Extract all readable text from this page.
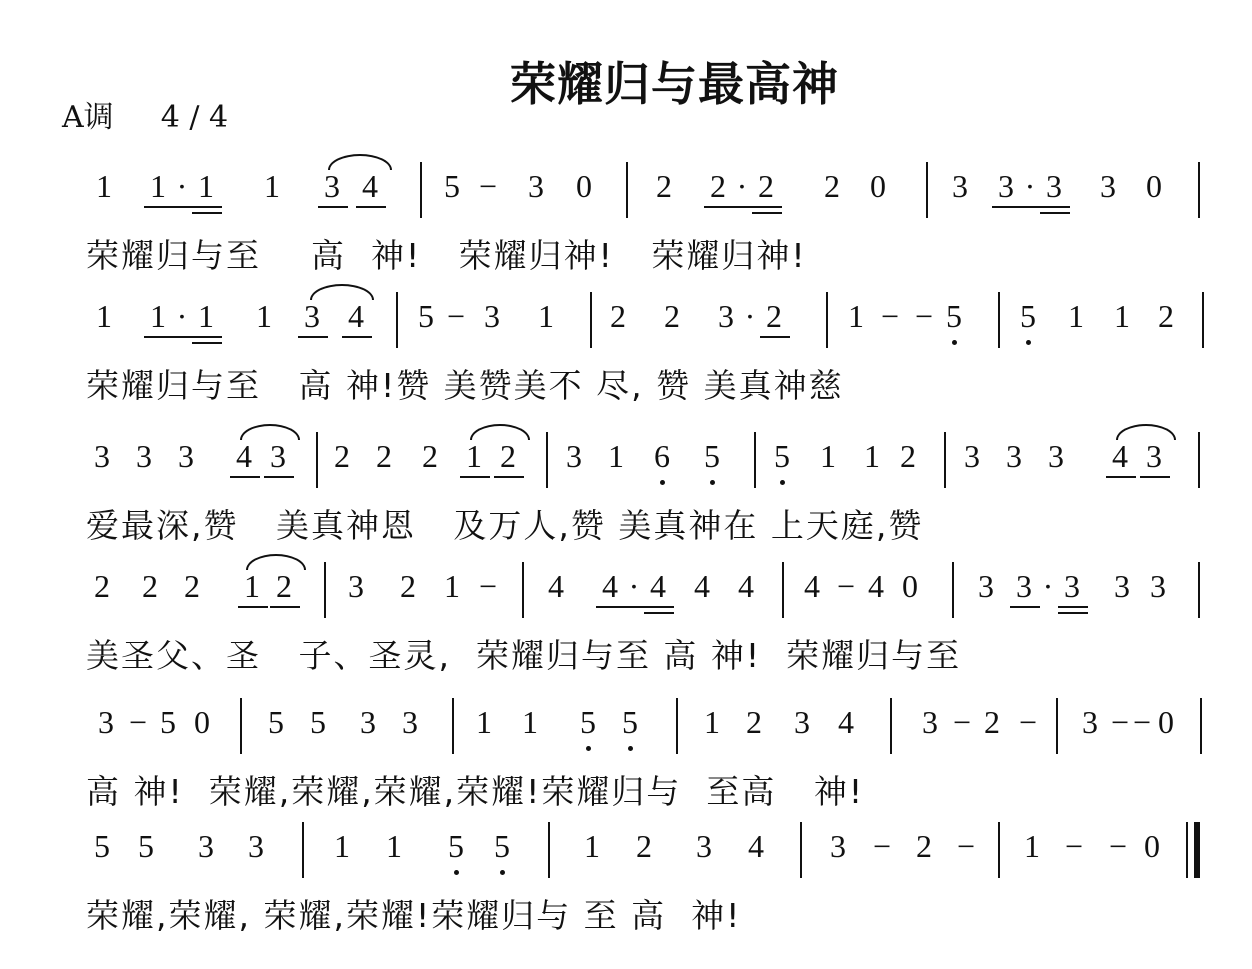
荣耀归与最高神
A调 4 / 4
1 1 · 1 1 3 4 5 − 3 0 2 2 · 2 2 0 3 3 · 3 3 0
荣耀归与至    高  神!   荣耀归神!   荣耀归神!
1 1 · 1 1 3 4 5 − 3 1 2 2 3 · 2 1 − − 5 5 1 1 2
荣耀归与至   高 神!赞 美赞美不 尽, 赞 美真神慈
3 3 3 4 3 2 2 2 1 2 3 1 6 5 5 1 1 2 3 3 3 4 3
爱最深,赞   美真神恩   及万人,赞 美真神在 上天庭,赞
2 2 2 1 2 3 2 1 − 4 4 · 4 4 4 4 − 4 0 3 3 · 3 3 3
美圣父、圣   子、圣灵,  荣耀归与至 高 神!  荣耀归与至
3 − 5 0 5 5 3 3 1 1 5 5 1 2 3 4 3 − 2 − 3 − − 0
高 神!  荣耀,荣耀,荣耀,荣耀!荣耀归与  至高   神!
5 5 3 3 1 1 5 5 1 2 3 4 3 − 2 − 1 − − 0
荣耀,荣耀, 荣耀,荣耀!荣耀归与 至 高  神!
